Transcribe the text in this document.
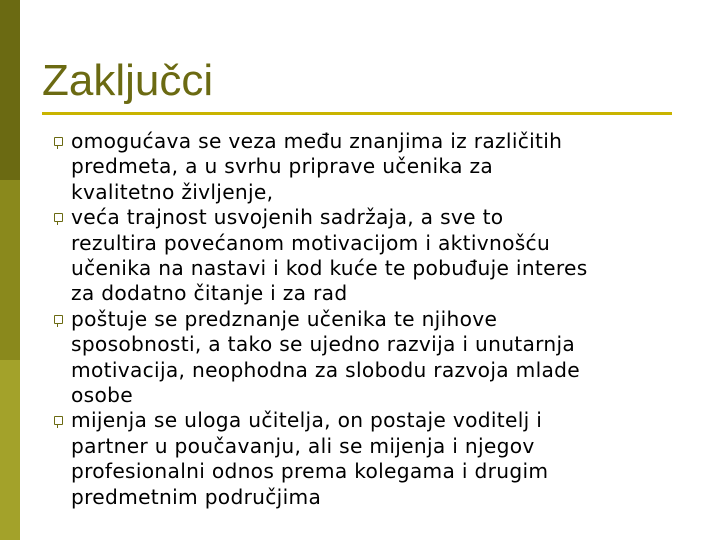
Zaključci
omogućava se veza među znanjima iz različitih
predmeta, a u svrhu priprave učenika za
kvalitetno življenje,
veća trajnost usvojenih sadržaja, a sve to
rezultira povećanom motivacijom i aktivnošću
učenika na nastavi i kod kuće te pobuđuje interes
za dodatno čitanje i za rad
poštuje se predznanje učenika te njihove
sposobnosti, a tako se ujedno razvija i unutarnja
motivacija, neophodna za slobodu razvoja mlade
osobe
mijenja se uloga učitelja, on postaje voditelj i
partner u poučavanju, ali se mijenja i njegov
profesionalni odnos prema kolegama i drugim
predmetnim područjima
